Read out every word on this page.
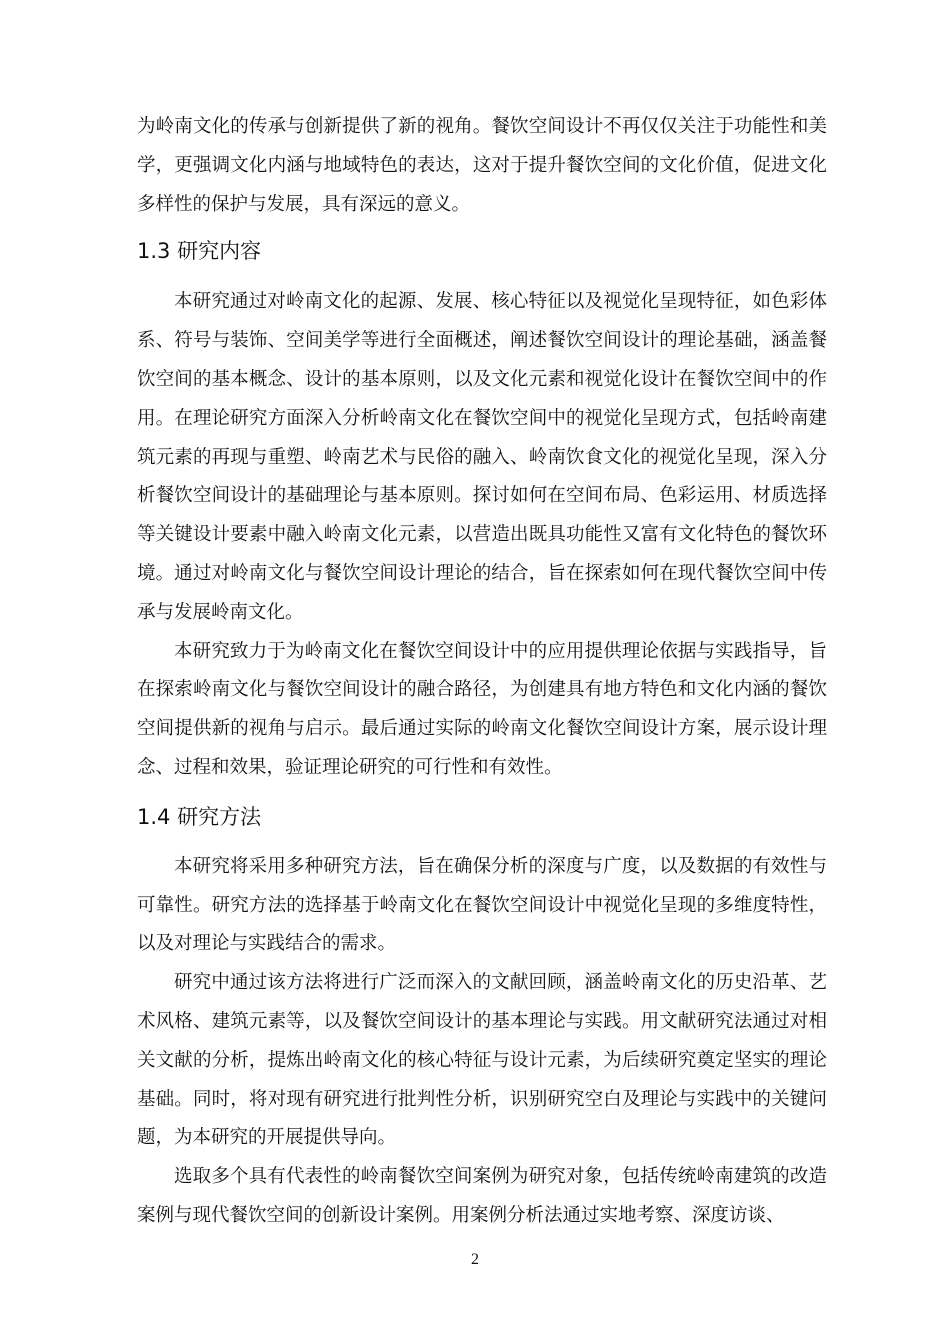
为岭南文化的传承与创新提供了新的视角。餐饮空间设计不再仅仅关注于功能性和美学，更强调文化内涵与地域特色的表达，这对于提升餐饮空间的文化价值，促进文化多样性的保护与发展，具有深远的意义。

1.3 研究内容

本研究通过对岭南文化的起源、发展、核心特征以及视觉化呈现特征，如色彩体系、符号与装饰、空间美学等进行全面概述，阐述餐饮空间设计的理论基础，涵盖餐饮空间的基本概念、设计的基本原则，以及文化元素和视觉化设计在餐饮空间中的作用。在理论研究方面深入分析岭南文化在餐饮空间中的视觉化呈现方式，包括岭南建筑元素的再现与重塑、岭南艺术与民俗的融入、岭南饮食文化的视觉化呈现，深入分析餐饮空间设计的基础理论与基本原则。探讨如何在空间布局、色彩运用、材质选择等关键设计要素中融入岭南文化元素，以营造出既具功能性又富有文化特色的餐饮环境。通过对岭南文化与餐饮空间设计理论的结合，旨在探索如何在现代餐饮空间中传承与发展岭南文化。

本研究致力于为岭南文化在餐饮空间设计中的应用提供理论依据与实践指导，旨在探索岭南文化与餐饮空间设计的融合路径，为创建具有地方特色和文化内涵的餐饮空间提供新的视角与启示。最后通过实际的岭南文化餐饮空间设计方案，展示设计理念、过程和效果，验证理论研究的可行性和有效性。

1.4 研究方法

本研究将采用多种研究方法，旨在确保分析的深度与广度，以及数据的有效性与可靠性。研究方法的选择基于岭南文化在餐饮空间设计中视觉化呈现的多维度特性，以及对理论与实践结合的需求。

研究中通过该方法将进行广泛而深入的文献回顾，涵盖岭南文化的历史沿革、艺术风格、建筑元素等，以及餐饮空间设计的基本理论与实践。用文献研究法通过对相关文献的分析，提炼出岭南文化的核心特征与设计元素，为后续研究奠定坚实的理论基础。同时，将对现有研究进行批判性分析，识别研究空白及理论与实践中的关键问题，为本研究的开展提供导向。

选取多个具有代表性的岭南餐饮空间案例为研究对象，包括传统岭南建筑的改造案例与现代餐饮空间的创新设计案例。用案例分析法通过实地考察、深度访谈、

2
